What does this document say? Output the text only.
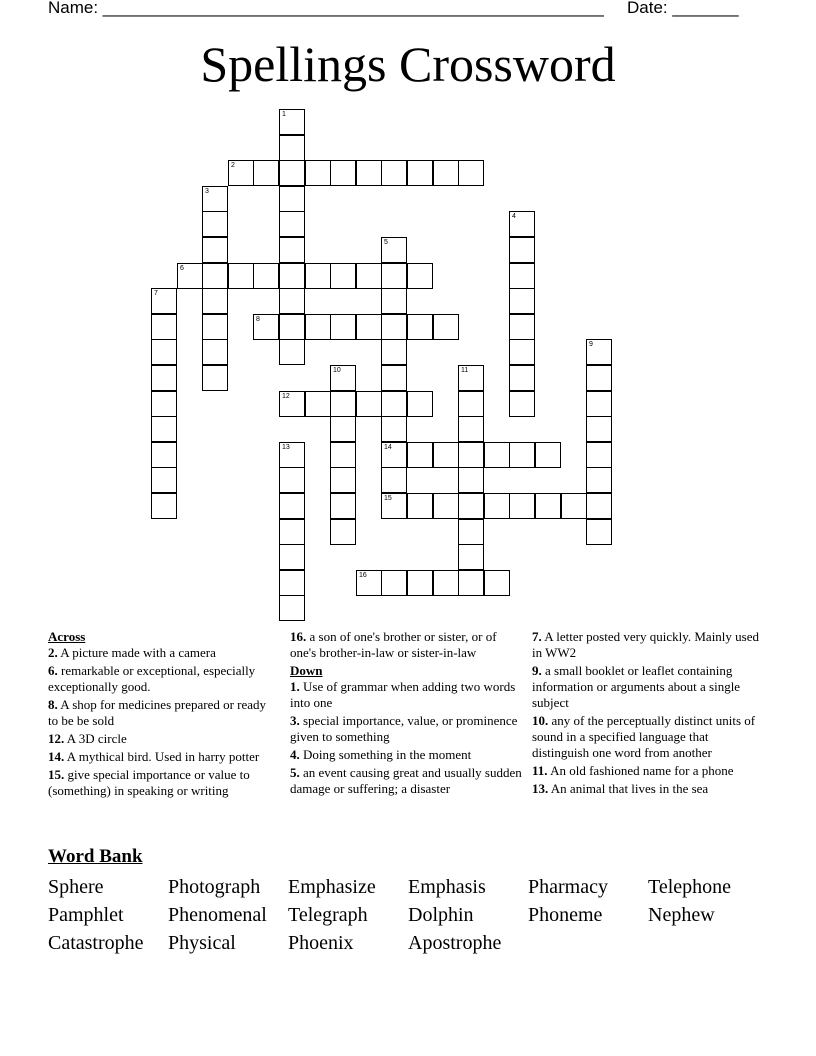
Name: _____________________________________________________ Date: _______
Spellings Crossword
1
2
3
4
5
14
15
6
7
8
9
10	11
12
13
16
Across
2. A picture made with a camera
6. remarkable or exceptional, especially exceptionally good.
8. A shop for medicines prepared or ready to be be sold
12. A 3D circle
14. A mythical bird. Used in harry potter
15. give special importance or value to (something) in speaking or writing
16. a son of one's brother or sister, or of one's brother-in-law or sister-in-law
Down
1. Use of grammar when adding two words into one
3. special importance, value, or prominence given to something
4. Doing something in the moment
5. an event causing great and usually sudden damage or suffering; a disaster
7. A letter posted very quickly. Mainly used in WW2
9. a small booklet or leaflet containing information or arguments about a single subject
10. any of the perceptually distinct units of sound in a specified language that distinguish one word from another
11. An old fashioned name for a phone
13. An animal that lives in the sea
Word Bank
Sphere	Photograph Emphasize Emphasis Pharmacy Telephone
Pamphlet Phenomenal Telegraph Dolphin	Phoneme Nephew
Catastrophe Physical	Phoenix	Apostrophe
